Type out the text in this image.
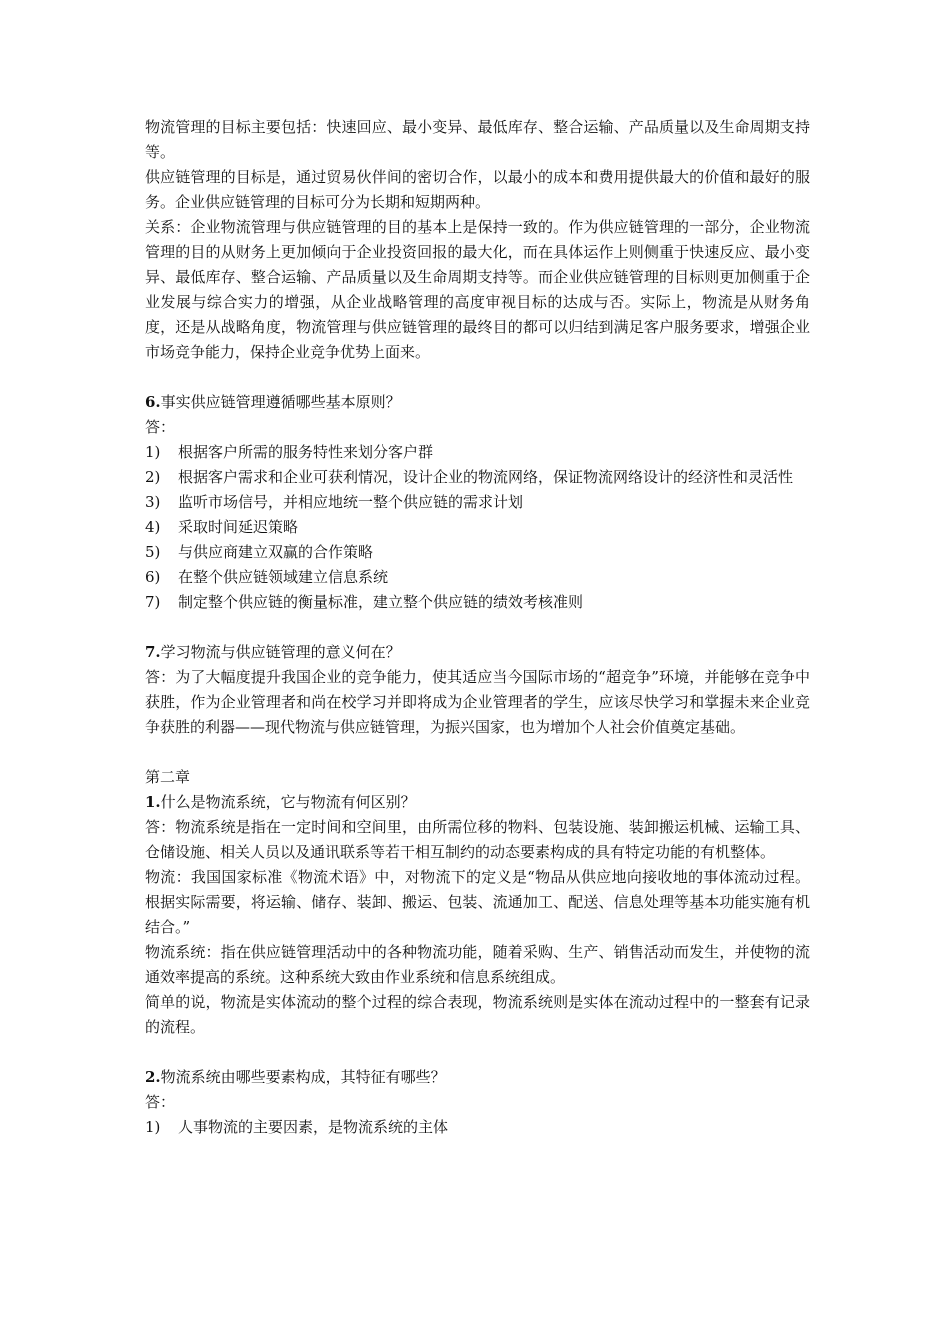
物流管理的目标主要包括：快速回应、最小变异、最低库存、整合运输、产品质量以及生命周期支持等。

供应链管理的目标是，通过贸易伙伴间的密切合作，以最小的成本和费用提供最大的价值和最好的服务。企业供应链管理的目标可分为长期和短期两种。

关系：企业物流管理与供应链管理的目的基本上是保持一致的。作为供应链管理的一部分，企业物流管理的目的从财务上更加倾向于企业投资回报的最大化，而在具体运作上则侧重于快速反应、最小变异、最低库存、整合运输、产品质量以及生命周期支持等。而企业供应链管理的目标则更加侧重于企业发展与综合实力的增强，从企业战略管理的高度审视目标的达成与否。实际上，物流是从财务角度，还是从战略角度，物流管理与供应链管理的最终目的都可以归结到满足客户服务要求，增强企业市场竞争能力，保持企业竞争优势上面来。

6.事实供应链管理遵循哪些基本原则？

答：

1) 根据客户所需的服务特性来划分客户群
2) 根据客户需求和企业可获利情况，设计企业的物流网络，保证物流网络设计的经济性和灵活性
3) 监听市场信号，并相应地统一整个供应链的需求计划
4) 采取时间延迟策略
5) 与供应商建立双赢的合作策略
6) 在整个供应链领域建立信息系统
7) 制定整个供应链的衡量标准，建立整个供应链的绩效考核准则

7.学习物流与供应链管理的意义何在？

答：为了大幅度提升我国企业的竞争能力，使其适应当今国际市场的“超竞争”环境，并能够在竞争中获胜，作为企业管理者和尚在校学习并即将成为企业管理者的学生，应该尽快学习和掌握未来企业竞争获胜的利器——现代物流与供应链管理，为振兴国家，也为增加个人社会价值奠定基础。

第二章

1.什么是物流系统，它与物流有何区别？

答：物流系统是指在一定时间和空间里，由所需位移的物料、包装设施、装卸搬运机械、运输工具、仓储设施、相关人员以及通讯联系等若干相互制约的动态要素构成的具有特定功能的有机整体。

物流：我国国家标准《物流术语》中，对物流下的定义是“物品从供应地向接收地的事体流动过程。根据实际需要，将运输、储存、装卸、搬运、包装、流通加工、配送、信息处理等基本功能实施有机结合。”

物流系统：指在供应链管理活动中的各种物流功能，随着采购、生产、销售活动而发生，并使物的流通效率提高的系统。这种系统大致由作业系统和信息系统组成。

简单的说，物流是实体流动的整个过程的综合表现，物流系统则是实体在流动过程中的一整套有记录的流程。

2.物流系统由哪些要素构成，其特征有哪些？

答：

1) 人事物流的主要因素，是物流系统的主体
